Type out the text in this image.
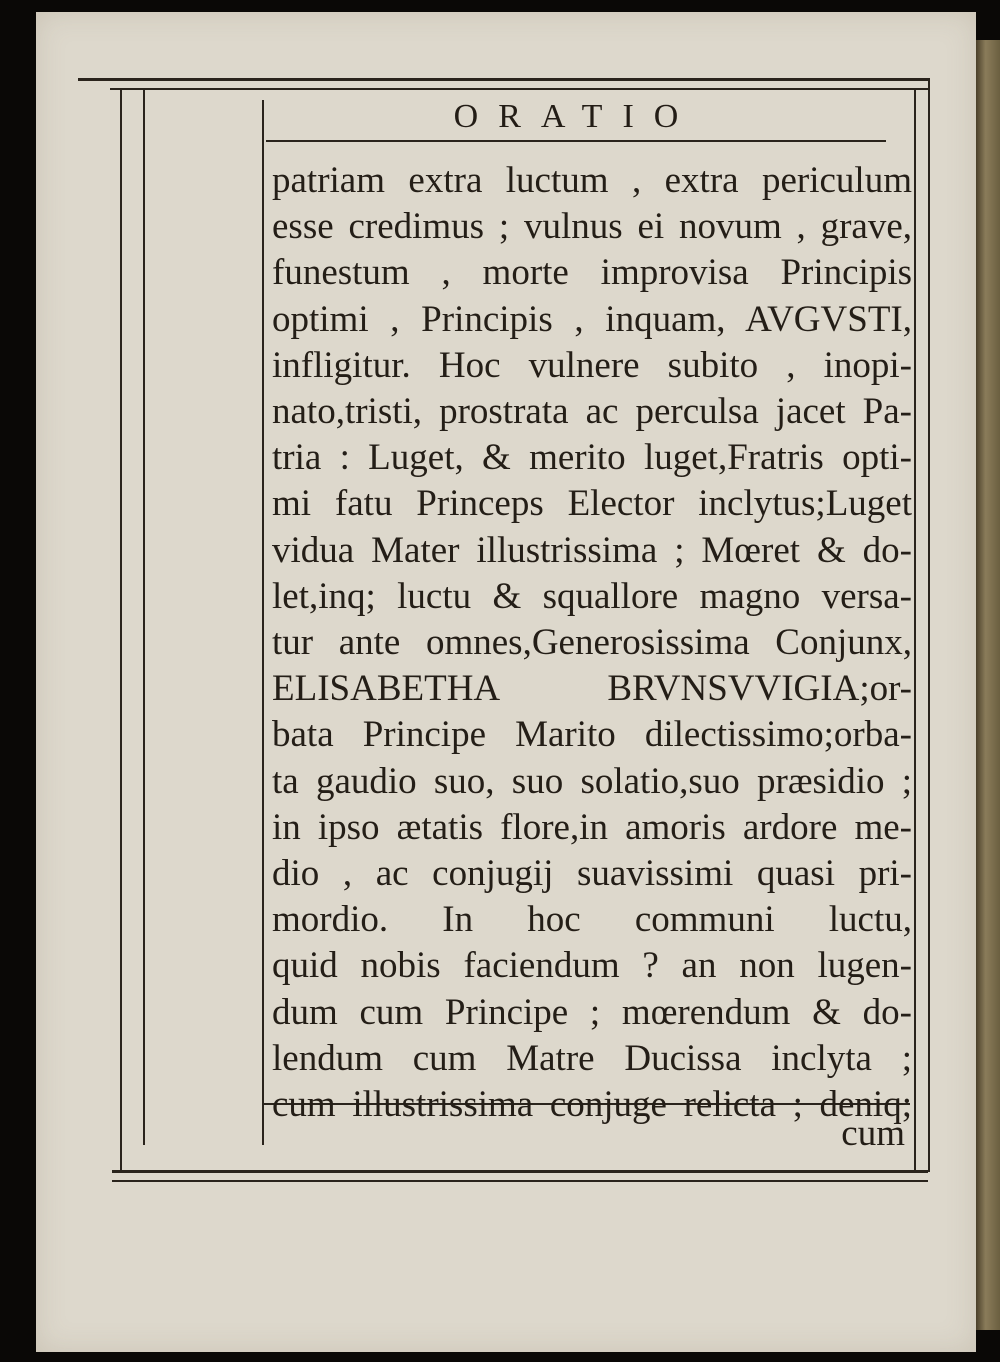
ORATIO
patriam extra luctum , extra periculum
esse credimus ; vulnus ei novum , grave,
funestum , morte improvisa Principis
optimi , Principis , inquam, AVGVSTI,
infligitur. Hoc vulnere subito , inopi-
nato,tristi, prostrata ac perculsa jacet Pa-
tria : Luget, & merito luget,Fratris opti-
mi fatu Princeps Elector inclytus;Luget
vidua Mater illustrissima ; Mœret & do-
let,inq; luctu & squallore magno versa-
tur ante omnes,Generosissima Conjunx,
ELISABETHA BRVNSVVIGIA;or-
bata Principe Marito dilectissimo;orba-
ta gaudio suo, suo solatio,suo præsidio ;
in ipso ætatis flore,in amoris ardore me-
dio , ac conjugij suavissimi quasi pri-
mordio. In hoc communi luctu,
quid nobis faciendum ? an non lugen-
dum cum Principe ; mœrendum & do-
lendum cum Matre Ducissa inclyta ;
cum illustrissima conjuge relicta ; deniq;
cum
